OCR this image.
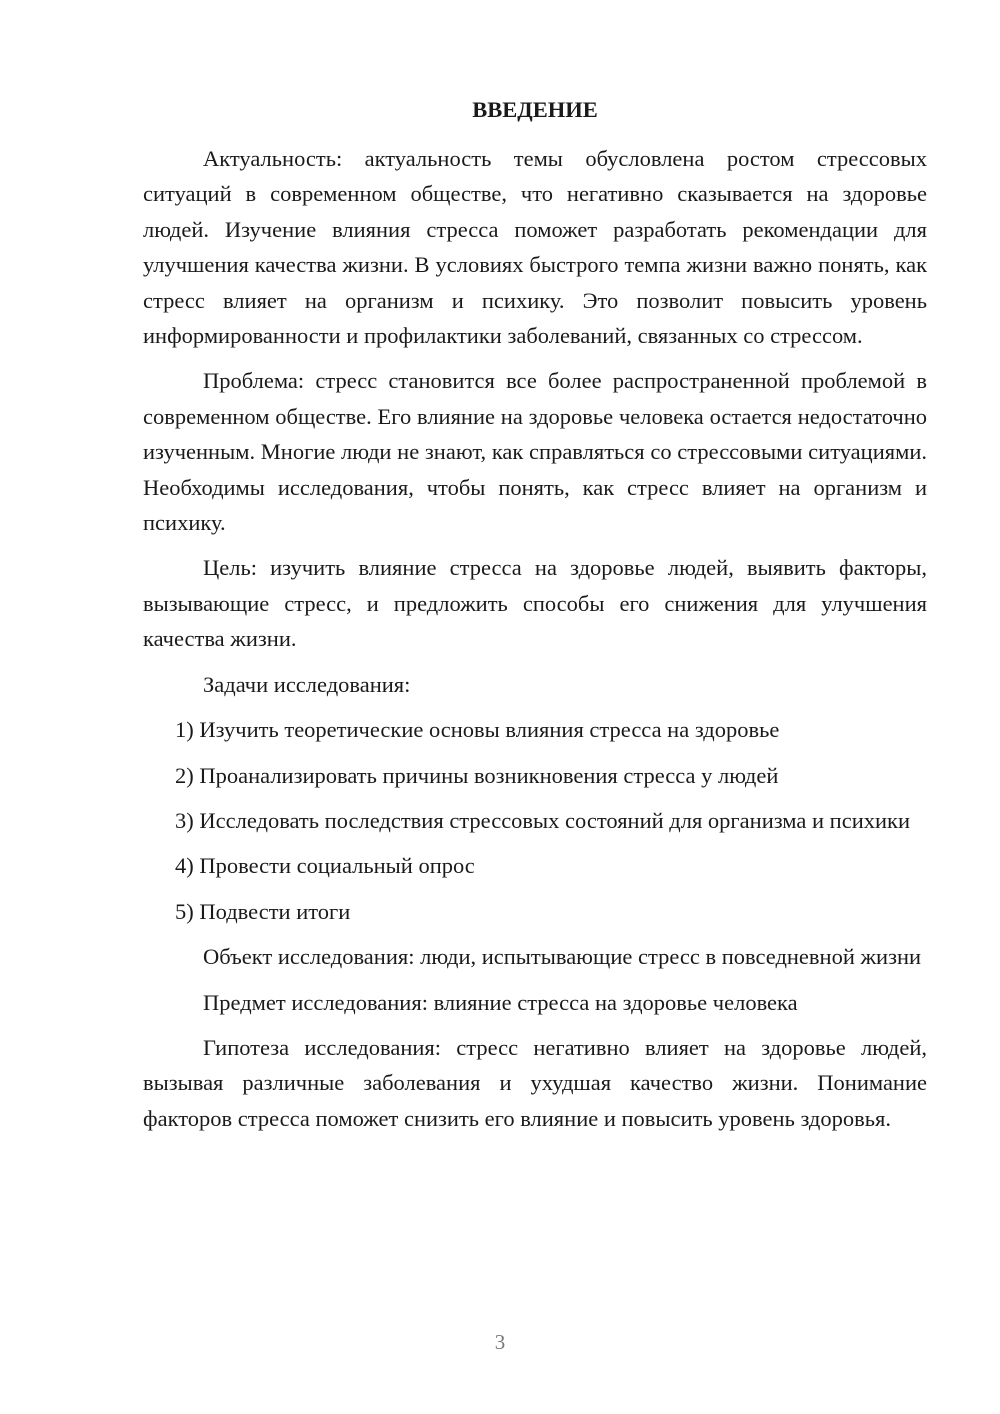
ВВЕДЕНИЕ

Актуальность: актуальность темы обусловлена ростом стрессовых ситуаций в современном обществе, что негативно сказывается на здоровье людей. Изучение влияния стресса поможет разработать рекомендации для улучшения качества жизни. В условиях быстрого темпа жизни важно понять, как стресс влияет на организм и психику. Это позволит повысить уровень информированности и профилактики заболеваний, связанных со стрессом.

Проблема: стресс становится все более распространенной проблемой в современном обществе. Его влияние на здоровье человека остается недостаточно изученным. Многие люди не знают, как справляться со стрессовыми ситуациями. Необходимы исследования, чтобы понять, как стресс влияет на организм и психику.

Цель: изучить влияние стресса на здоровье людей, выявить факторы, вызывающие стресс, и предложить способы его снижения для улучшения качества жизни.

Задачи исследования:

1) Изучить теоретические основы влияния стресса на здоровье

2) Проанализировать причины возникновения стресса у людей

3) Исследовать последствия стрессовых состояний для организма и психики

4) Провести социальный опрос

5) Подвести итоги

Объект исследования: люди, испытывающие стресс в повседневной жизни

Предмет исследования: влияние стресса на здоровье человека

Гипотеза исследования: стресс негативно влияет на здоровье людей, вызывая различные заболевания и ухудшая качество жизни. Понимание факторов стресса поможет снизить его влияние и повысить уровень здоровья.

3
